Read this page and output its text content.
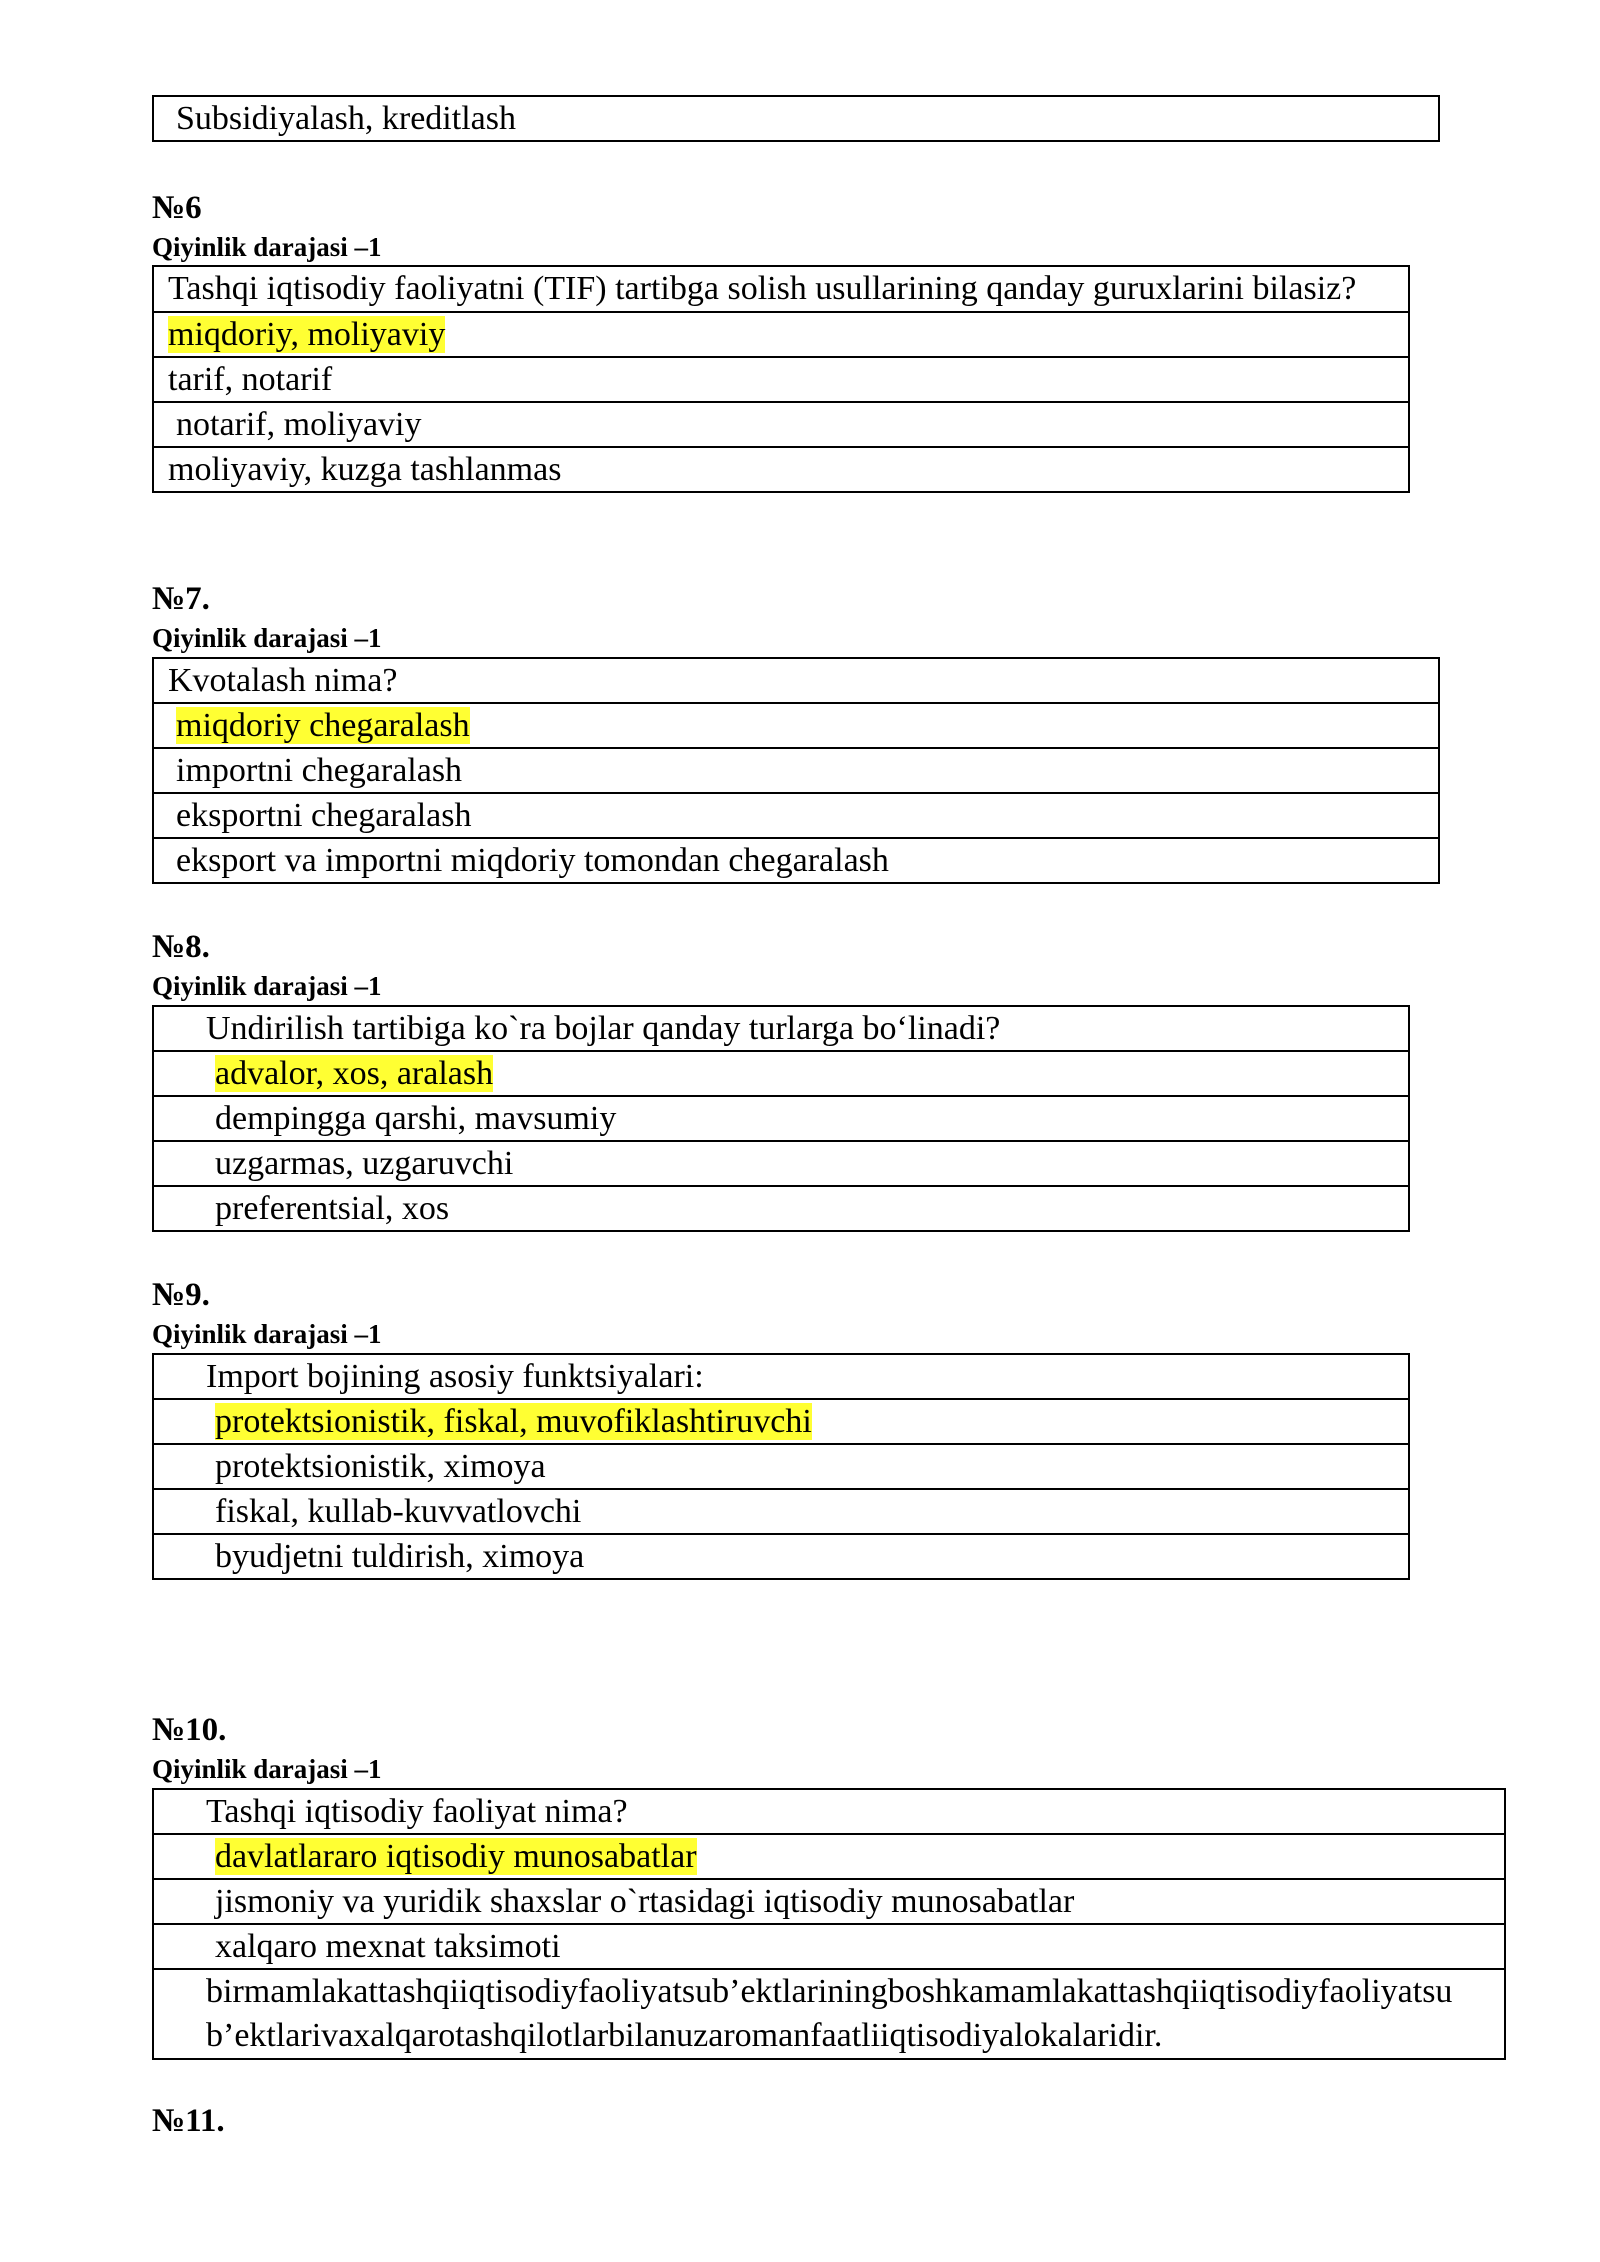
Subsidiyalash, kreditlash
№6
Qiyinlik darajasi –1
Tashqi iqtisodiy faoliyatni (TIF) tartibga solish usullarining qanday guruxlarini bilasiz?
miqdoriy, moliyaviy
tarif, notarif
notarif, moliyaviy
moliyaviy, kuzga tashlanmas
№7.
Qiyinlik darajasi –1
Kvotalash nima?
miqdoriy chegaralash
importni chegaralash
eksportni chegaralash
eksport va importni miqdoriy tomondan chegaralash
№8.
Qiyinlik darajasi –1
Undirilish tartibiga ko`ra bojlar qanday turlarga bo‘linadi?
advalor, xos, aralash
dempingga qarshi, mavsumiy
uzgarmas, uzgaruvchi
preferentsial, xos
№9.
Qiyinlik darajasi –1
Import bojining asosiy funktsiyalari:
protektsionistik, fiskal, muvofiklashtiruvchi
protektsionistik, ximoya
fiskal, kullab-kuvvatlovchi
byudjetni tuldirish, ximoya
№10.
Qiyinlik darajasi –1
Tashqi iqtisodiy faoliyat nima?
davlatlararo iqtisodiy munosabatlar
jismoniy va yuridik shaxslar o`rtasidagi iqtisodiy munosabatlar
xalqaro mexnat taksimoti
birmamlakattashqiiqtisodiyfaoliyatsub’ektlariningboshkamamlakattashqiiqtisodiyfaoliyatsub’ektlarivaxalqarotashqilotlarbilanuzaromanfaatliiqtisodiyalokalaridir.
№11.
